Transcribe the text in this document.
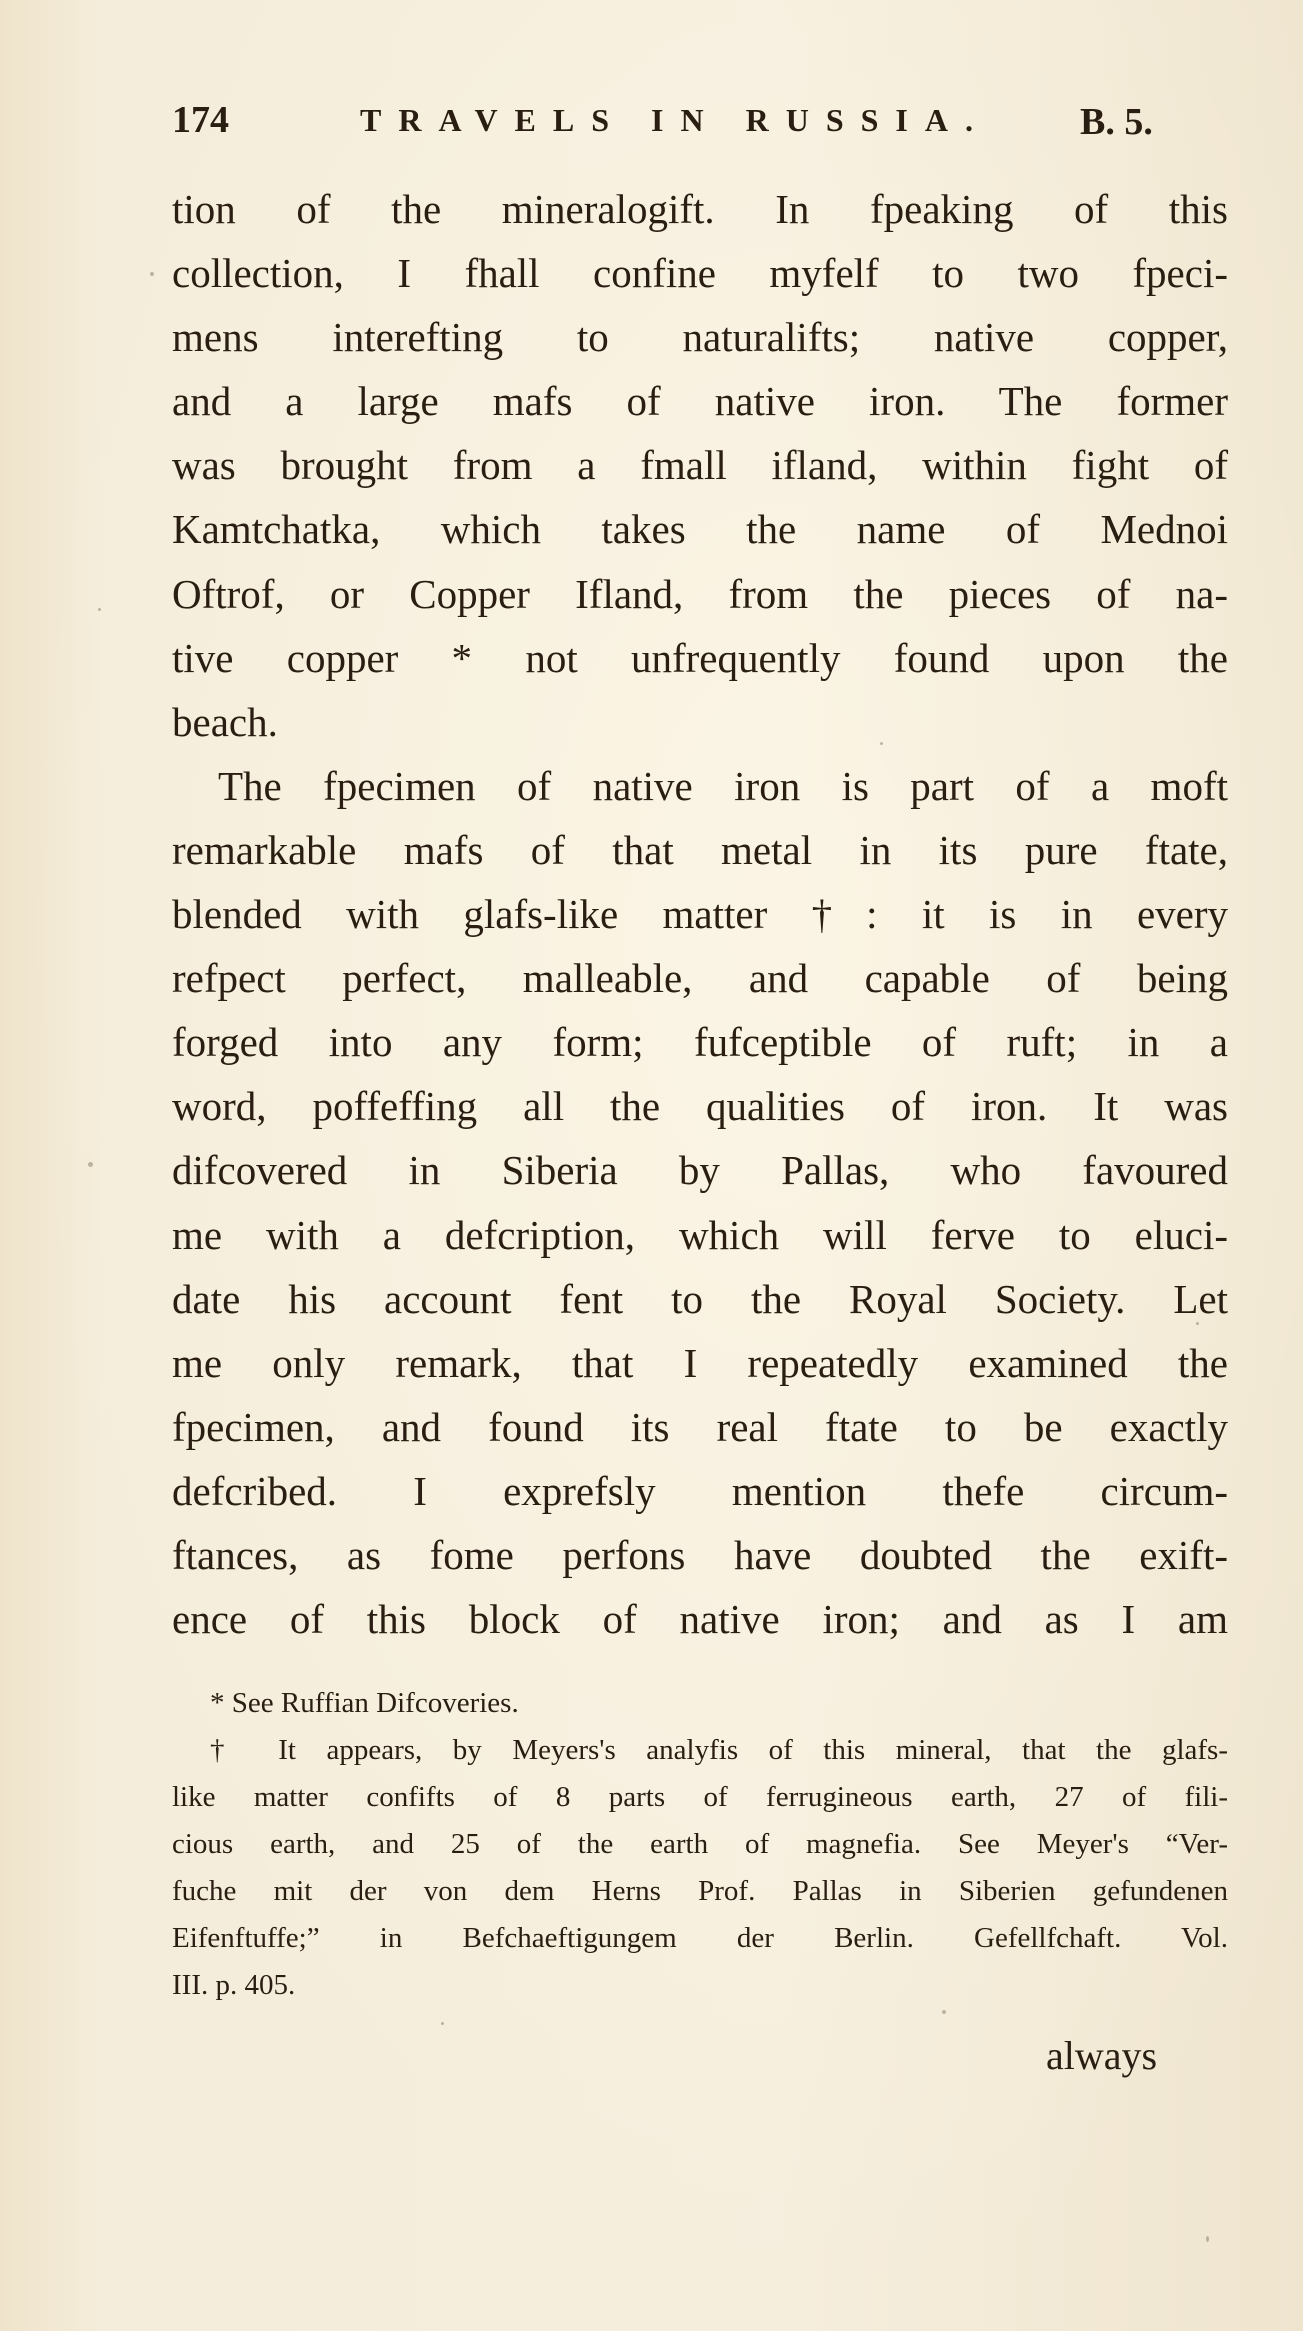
174	TRAVELS IN RUSSIA. B. 5.
tion of the mineralogift. In fpeaking of this
collection, I fhall confine myfelf to two fpeci-
mens interefting to naturalifts; native copper,
and a large mafs of native iron. The former
was brought from a fmall ifland, within fight of
Kamtchatka, which takes the name of Mednoi
Oftrof, or Copper Ifland, from the pieces of na-
tive copper * not unfrequently found upon the
beach.
The fpecimen of native iron is part of a moft
remarkable mafs of that metal in its pure ftate,
blended with glafs-like matter †: it is in every
refpect perfect, malleable, and capable of being
forged into any form; fufceptible of ruft; in a
word, poffeffing all the qualities of iron. It was
difcovered in Siberia by Pallas, who favoured
me with a defcription, which will ferve to eluci-
date his account fent to the Royal Society. Let
me only remark, that I repeatedly examined the
fpecimen, and found its real ftate to be exactly
defcribed. I exprefsly mention thefe circum-
ftances, as fome perfons have doubted the exift-
ence of this block of native iron; and as I am
* See Ruffian Difcoveries.
† It appears, by Meyers's analyfis of this mineral, that the glafs-
like matter confifts of 8 parts of ferrugineous earth, 27 of fili-
cious earth, and 25 of the earth of magnefia. See Meyer's “Ver-
fuche mit der von dem Herns Prof. Pallas in Siberien gefundenen
Eifenftuffe;” in Befchaeftigungem der Berlin. Gefellfchaft. Vol.
III. p. 405.
always
